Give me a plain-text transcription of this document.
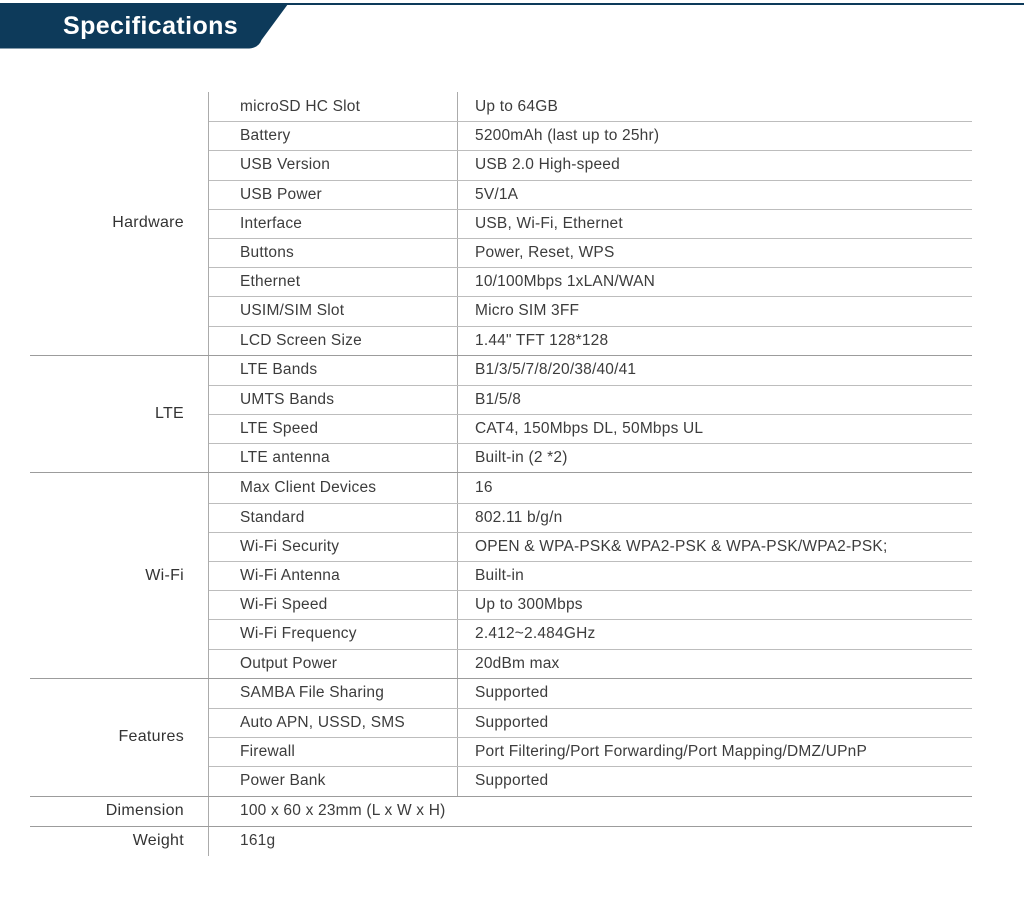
Specifications
Hardware
microSD HC Slot	Up to 64GB
Battery	5200mAh (last up to 25hr)
USB Version	USB 2.0 High-speed
USB Power	5V/1A
Interface	USB, Wi-Fi, Ethernet
Buttons	Power, Reset, WPS
Ethernet	10/100Mbps 1xLAN/WAN
USIM/SIM Slot	Micro SIM 3FF
LCD Screen Size	1.44" TFT 128*128
LTE
LTE Bands	B1/3/5/7/8/20/38/40/41
UMTS Bands	B1/5/8
LTE Speed	CAT4, 150Mbps DL, 50Mbps UL
LTE antenna	Built-in (2 *2)
Wi-Fi
Max Client Devices	16
Standard	802.11 b/g/n
Wi-Fi Security	OPEN & WPA-PSK& WPA2-PSK & WPA-PSK/WPA2-PSK;
Wi-Fi Antenna	Built-in
Wi-Fi Speed	Up to 300Mbps
Wi-Fi Frequency	2.412~2.484GHz
Output Power	20dBm max
Features
SAMBA File Sharing	Supported
Auto APN, USSD, SMS	Supported
Firewall	Port Filtering/Port Forwarding/Port Mapping/DMZ/UPnP
Power Bank	Supported
Dimension	100 x 60 x 23mm (L x W x H)
Weight	161g
